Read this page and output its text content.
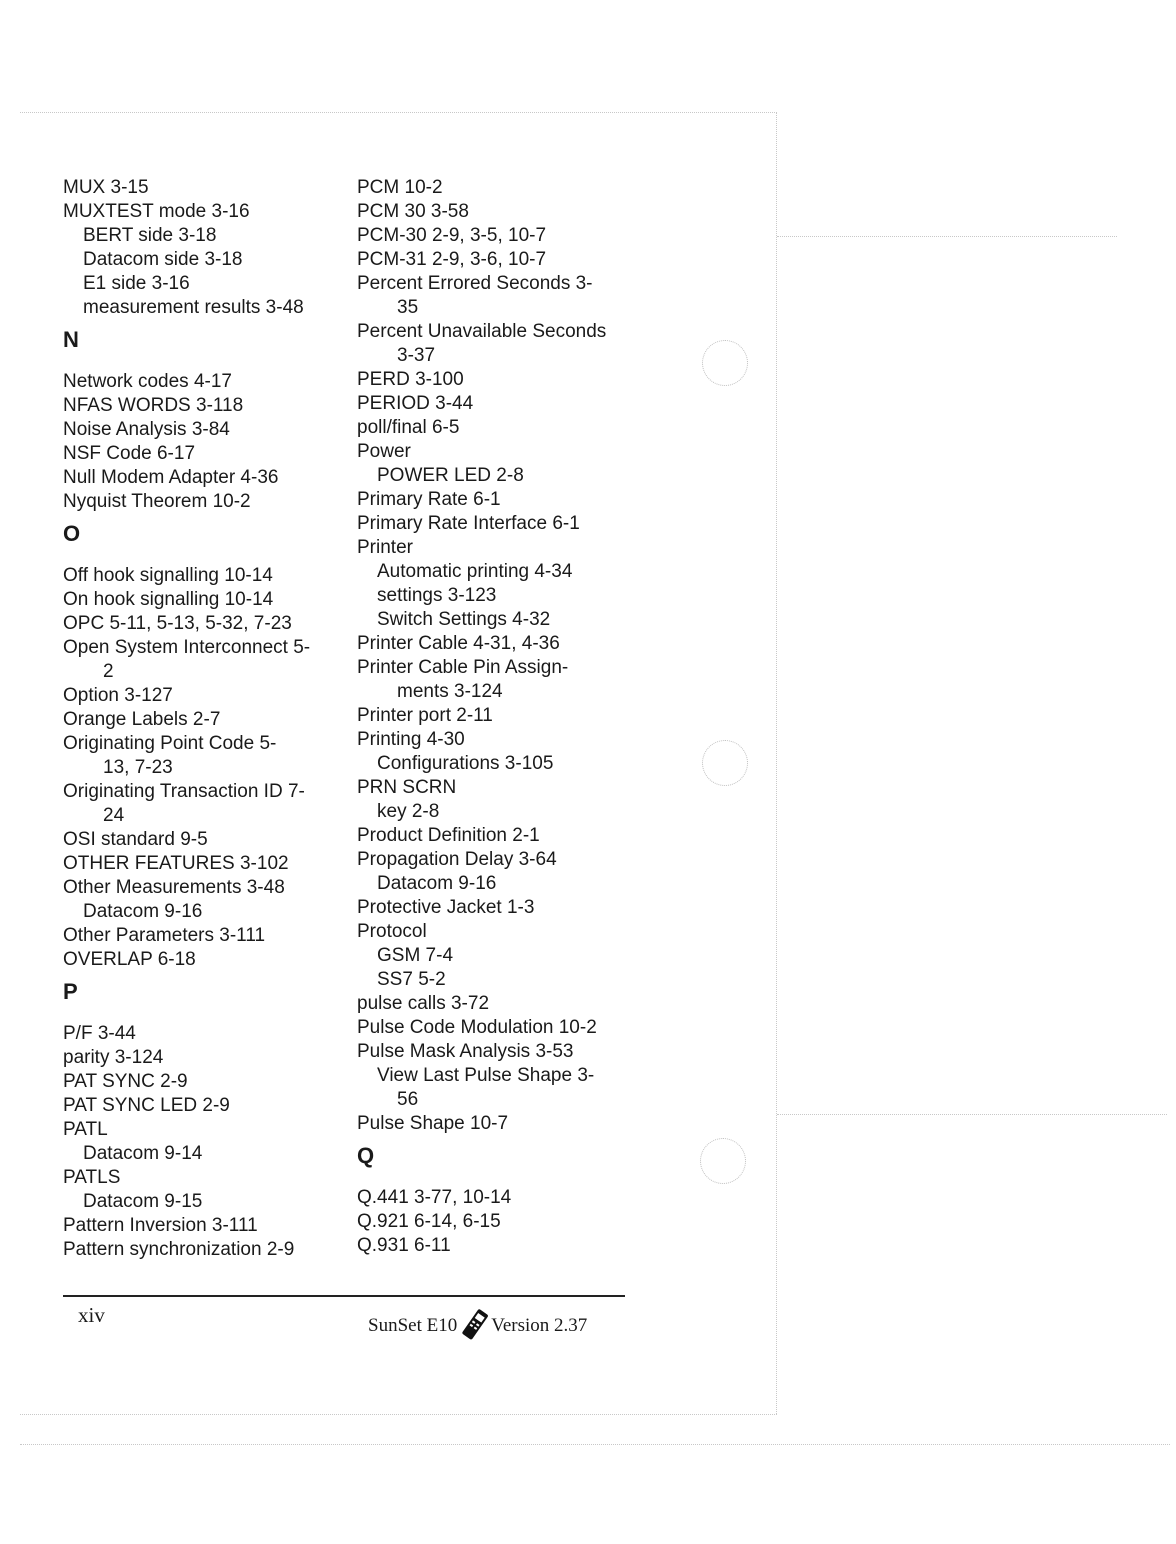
MUX 3-15
MUXTEST mode 3-16
BERT side 3-18
Datacom side 3-18
E1 side 3-16
measurement results 3-48
N
Network codes 4-17
NFAS WORDS 3-118
Noise Analysis 3-84
NSF Code 6-17
Null Modem Adapter 4-36
Nyquist Theorem 10-2
O
Off hook signalling 10-14
On hook signalling 10-14
OPC 5-11, 5-13, 5-32, 7-23
Open System Interconnect 5-
2
Option 3-127
Orange Labels 2-7
Originating Point Code 5-
13, 7-23
Originating Transaction ID 7-
24
OSI standard 9-5
OTHER FEATURES 3-102
Other Measurements 3-48
Datacom 9-16
Other Parameters 3-111
OVERLAP 6-18
P
P/F 3-44
parity 3-124
PAT SYNC 2-9
PAT SYNC LED 2-9
PATL
Datacom 9-14
PATLS
Datacom 9-15
Pattern Inversion 3-111
Pattern synchronization 2-9
PCM 10-2
PCM 30 3-58
PCM-30 2-9, 3-5, 10-7
PCM-31 2-9, 3-6, 10-7
Percent Errored Seconds 3-
35
Percent Unavailable Seconds
3-37
PERD 3-100
PERIOD 3-44
poll/final 6-5
Power
POWER LED 2-8
Primary Rate 6-1
Primary Rate Interface 6-1
Printer
Automatic printing 4-34
settings 3-123
Switch Settings 4-32
Printer Cable 4-31, 4-36
Printer Cable Pin Assign-
ments 3-124
Printer port 2-11
Printing 4-30
Configurations 3-105
PRN SCRN
key 2-8
Product Definition 2-1
Propagation Delay 3-64
Datacom 9-16
Protective Jacket 1-3
Protocol
GSM 7-4
SS7 5-2
pulse calls 3-72
Pulse Code Modulation 10-2
Pulse Mask Analysis 3-53
View Last Pulse Shape 3-
56
Pulse Shape 10-7
Q
Q.441 3-77, 10-14
Q.921 6-14, 6-15
Q.931 6-11
xiv	SunSet E10 Version 2.37
